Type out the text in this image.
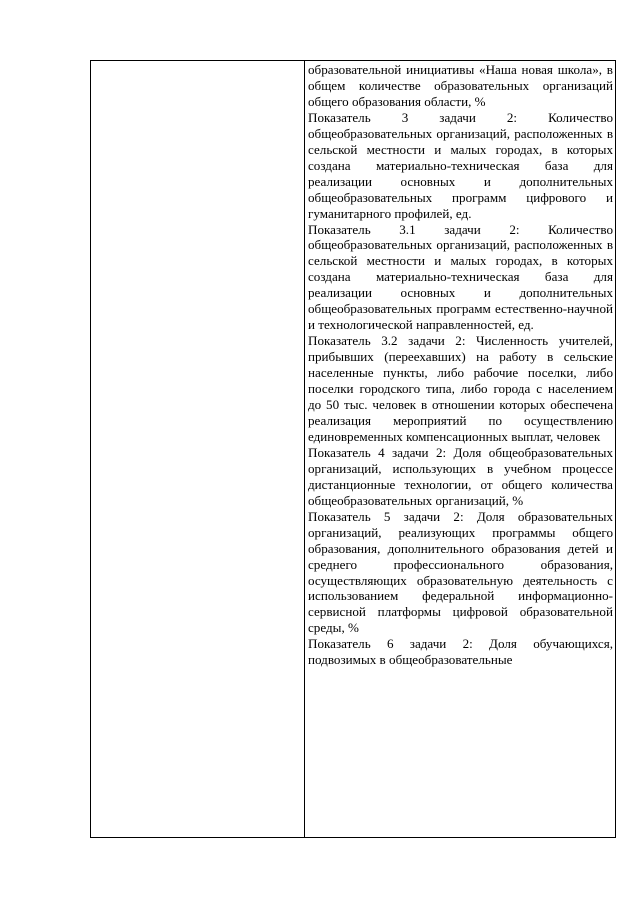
образовательной инициативы «Наша новая школа», в общем количестве образовательных организаций общего образования области, %

Показатель 3 задачи 2: Количество общеобразовательных организаций, расположенных в сельской местности и малых городах, в которых создана материально-техническая база для реализации основных и дополнительных общеобразовательных программ цифрового и гуманитарного профилей, ед.

Показатель 3.1 задачи 2: Количество общеобразовательных организаций, расположенных в сельской местности и малых городах, в которых создана материально-техническая база для реализации основных и дополнительных общеобразовательных программ естественно-научной и технологической направленностей, ед.

Показатель 3.2 задачи 2: Численность учителей, прибывших (переехавших) на работу в сельские населенные пункты, либо рабочие поселки, либо поселки городского типа, либо города с населением до 50 тыс. человек в отношении которых обеспечена реализация мероприятий по осуществлению единовременных компенсационных выплат, человек

Показатель 4 задачи 2: Доля общеобразовательных организаций, использующих в учебном процессе дистанционные технологии, от общего количества общеобразовательных организаций, %

Показатель 5 задачи 2: Доля образовательных организаций, реализующих программы общего образования, дополнительного образования детей и среднего профессионального образования, осуществляющих образовательную деятельность с использованием федеральной информационно-сервисной платформы цифровой образовательной среды, %

Показатель 6 задачи 2: Доля обучающихся, подвозимых в общеобразовательные
